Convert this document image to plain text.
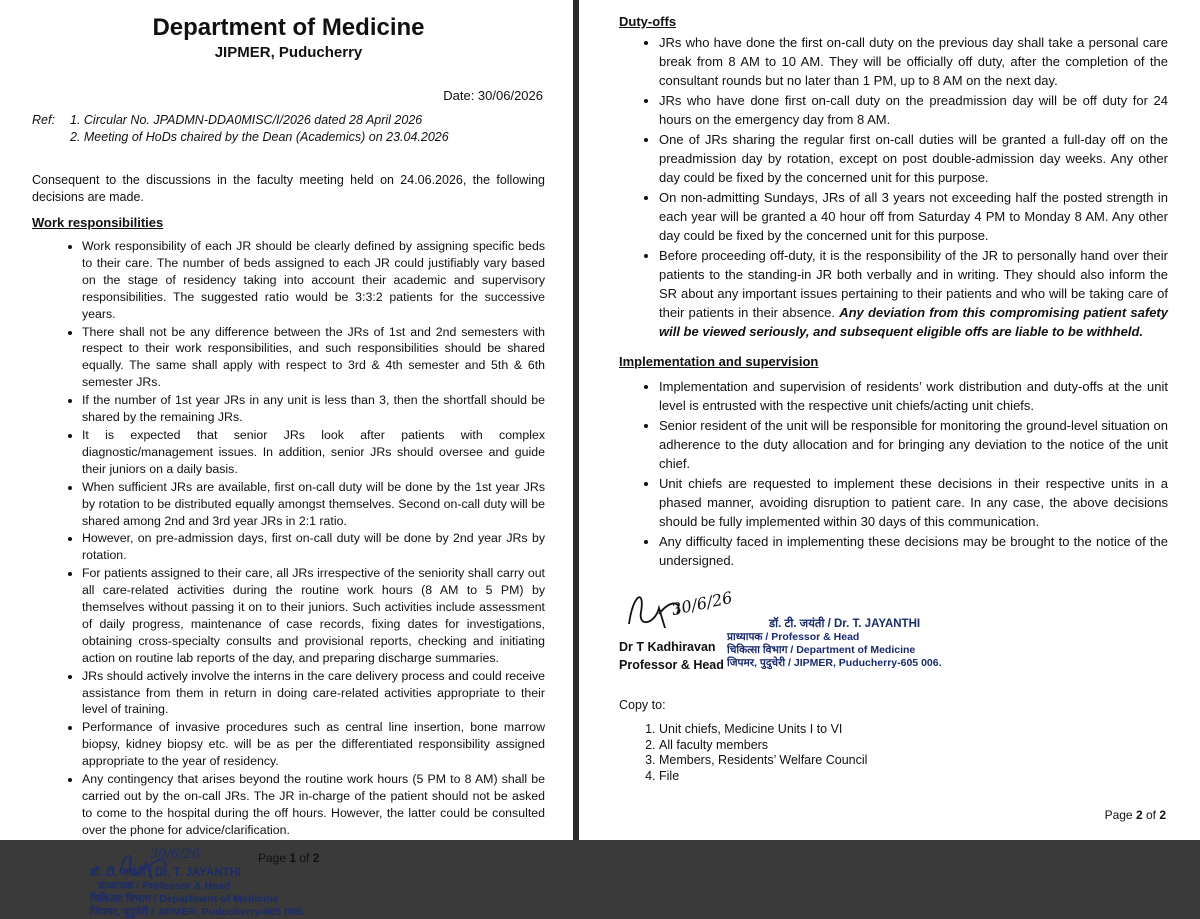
Department of Medicine
JIPMER, Puducherry
Date: 30/06/2026
Ref:	1. Circular No. JPADMN-DDA0MISC/I/2026 dated 28 April 2026
2. Meeting of HoDs chaired by the Dean (Academics) on 23.04.2026
Consequent to the discussions in the faculty meeting held on 24.06.2026, the following decisions are made.
Work responsibilities
• Work responsibility of each JR should be clearly defined by assigning specific beds to their care. The number of beds assigned to each JR could justifiably vary based on the stage of residency taking into account their academic and supervisory responsibilities. The suggested ratio would be 3:3:2 patients for the successive years.
• There shall not be any difference between the JRs of 1st and 2nd semesters with respect to their work responsibilities, and such responsibilities should be shared equally. The same shall apply with respect to 3rd & 4th semester and 5th & 6th semester JRs.
• If the number of 1st year JRs in any unit is less than 3, then the shortfall should be shared by the remaining JRs.
• It is expected that senior JRs look after patients with complex diagnostic/management issues. In addition, senior JRs should oversee and guide their juniors on a daily basis.
• When sufficient JRs are available, first on-call duty will be done by the 1st year JRs by rotation to be distributed equally amongst themselves. Second on-call duty will be shared among 2nd and 3rd year JRs in 2:1 ratio.
• However, on pre-admission days, first on-call duty will be done by 2nd year JRs by rotation.
• For patients assigned to their care, all JRs irrespective of the seniority shall carry out all care-related activities during the routine work hours (8 AM to 5 PM) by themselves without passing it on to their juniors. Such activities include assessment of daily progress, maintenance of case records, fixing dates for investigations, obtaining cross-specialty consults and provisional reports, checking and initiating action on routine lab reports of the day, and preparing discharge summaries.
• JRs should actively involve the interns in the care delivery process and could receive assistance from them in return in doing care-related activities appropriate to their level of training.
• Performance of invasive procedures such as central line insertion, bone marrow biopsy, kidney biopsy etc. will be as per the differentiated responsibility assigned appropriate to the year of residency.
• Any contingency that arises beyond the routine work hours (5 PM to 8 AM) shall be carried out by the on-call JRs. The JR in-charge of the patient should not be asked to come to the hospital during the off hours. However, the latter could be consulted over the phone for advice/clarification.
30/6/26	Page 1 of 2
डॉ. टी. जयंती / Dr. T. JAYANTHI
प्राध्यापक / Professor & Head
चिकित्सा विभाग / Department of Medicine
जिपमर, पुदुचेरी / JIPMER, Puducherry-605 006.
Duty-offs
• JRs who have done the first on-call duty on the previous day shall take a personal care break from 8 AM to 10 AM. They will be officially off duty, after the completion of the consultant rounds but no later than 1 PM, up to 8 AM on the next day.
• JRs who have done first on-call duty on the preadmission day will be off duty for 24 hours on the emergency day from 8 AM.
• One of JRs sharing the regular first on-call duties will be granted a full-day off on the preadmission day by rotation, except on post double-admission day weeks. Any other day could be fixed by the concerned unit for this purpose.
• On non-admitting Sundays, JRs of all 3 years not exceeding half the posted strength in each year will be granted a 40 hour off from Saturday 4 PM to Monday 8 AM. Any other day could be fixed by the concerned unit for this purpose.
• Before proceeding off-duty, it is the responsibility of the JR to personally hand over their patients to the standing-in JR both verbally and in writing. They should also inform the SR about any important issues pertaining to their patients and who will be taking care of their patients in their absence. Any deviation from this compromising patient safety will be viewed seriously, and subsequent eligible offs are liable to be withheld.
Implementation and supervision
• Implementation and supervision of residents’ work distribution and duty-offs at the unit level is entrusted with the respective unit chiefs/acting unit chiefs.
• Senior resident of the unit will be responsible for monitoring the ground-level situation on adherence to the duty allocation and for bringing any deviation to the notice of the unit chief.
• Unit chiefs are requested to implement these decisions in their respective units in a phased manner, avoiding disruption to patient care. In any case, the above decisions should be fully implemented within 30 days of this communication.
• Any difficulty faced in implementing these decisions may be brought to the notice of the undersigned.
30/6/26
Dr T Kadhiravan
Professor & Head
डॉ. टी. जयंती / Dr. T. JAYANTHI
प्राध्यापक / Professor & Head
चिकित्सा विभाग / Department of Medicine
जिपमर, पुदुचेरी / JIPMER, Puducherry-605 006.
Copy to:
1. Unit chiefs, Medicine Units I to VI
2. All faculty members
3. Members, Residents’ Welfare Council
4. File
Page 2 of 2
